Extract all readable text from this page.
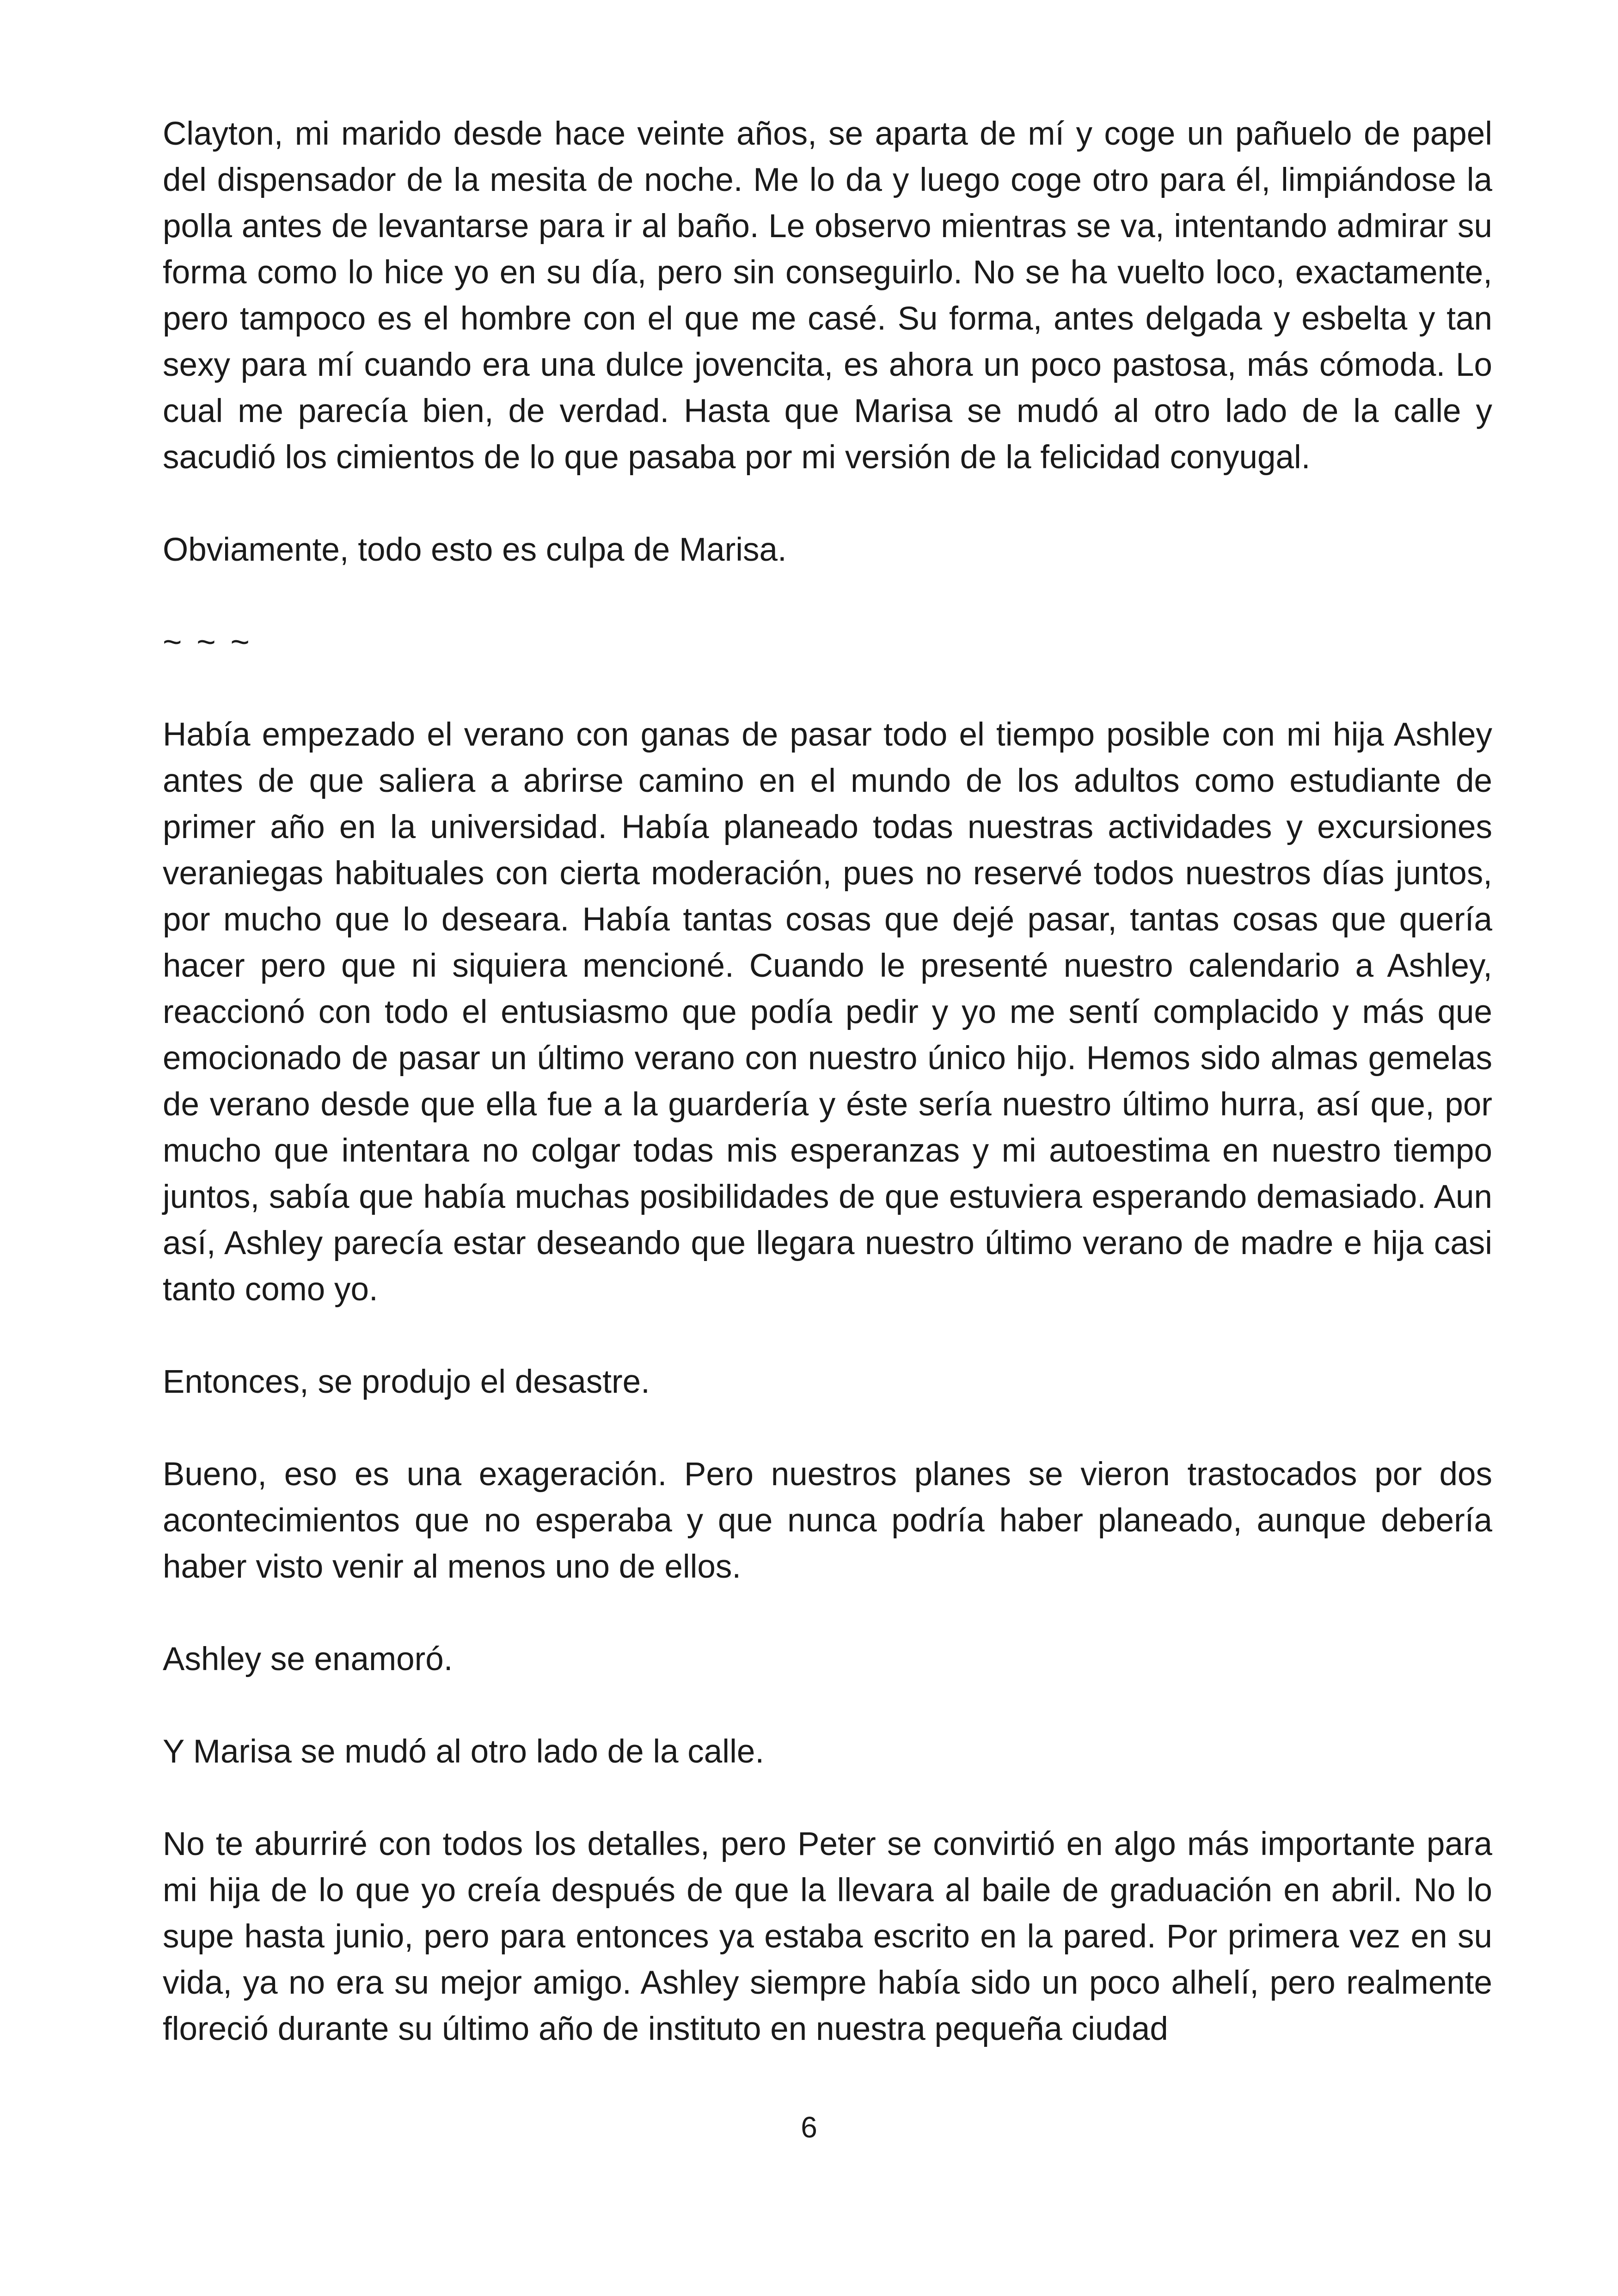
Clayton, mi marido desde hace veinte años, se aparta de mí y coge un pañuelo de papel del dispensador de la mesita de noche. Me lo da y luego coge otro para él, limpiándose la polla antes de levantarse para ir al baño. Le observo mientras se va, intentando admirar su forma como lo hice yo en su día, pero sin conseguirlo. No se ha vuelto loco, exactamente, pero tampoco es el hombre con el que me casé. Su forma, antes delgada y esbelta y tan sexy para mí cuando era una dulce jovencita, es ahora un poco pastosa, más cómoda. Lo cual me parecía bien, de verdad. Hasta que Marisa se mudó al otro lado de la calle y sacudió los cimientos de lo que pasaba por mi versión de la felicidad conyugal.

Obviamente, todo esto es culpa de Marisa.

~ ~ ~

Había empezado el verano con ganas de pasar todo el tiempo posible con mi hija Ashley antes de que saliera a abrirse camino en el mundo de los adultos como estudiante de primer año en la universidad. Había planeado todas nuestras actividades y excursiones veraniegas habituales con cierta moderación, pues no reservé todos nuestros días juntos, por mucho que lo deseara. Había tantas cosas que dejé pasar, tantas cosas que quería hacer pero que ni siquiera mencioné. Cuando le presenté nuestro calendario a Ashley, reaccionó con todo el entusiasmo que podía pedir y yo me sentí complacido y más que emocionado de pasar un último verano con nuestro único hijo. Hemos sido almas gemelas de verano desde que ella fue a la guardería y éste sería nuestro último hurra, así que, por mucho que intentara no colgar todas mis esperanzas y mi autoestima en nuestro tiempo juntos, sabía que había muchas posibilidades de que estuviera esperando demasiado. Aun así, Ashley parecía estar deseando que llegara nuestro último verano de madre e hija casi tanto como yo.

Entonces, se produjo el desastre.

Bueno, eso es una exageración. Pero nuestros planes se vieron trastocados por dos acontecimientos que no esperaba y que nunca podría haber planeado, aunque debería haber visto venir al menos uno de ellos.

Ashley se enamoró.

Y Marisa se mudó al otro lado de la calle.

No te aburriré con todos los detalles, pero Peter se convirtió en algo más importante para mi hija de lo que yo creía después de que la llevara al baile de graduación en abril. No lo supe hasta junio, pero para entonces ya estaba escrito en la pared. Por primera vez en su vida, ya no era su mejor amigo. Ashley siempre había sido un poco alhelí, pero realmente floreció durante su último año de instituto en nuestra pequeña ciudad

6
